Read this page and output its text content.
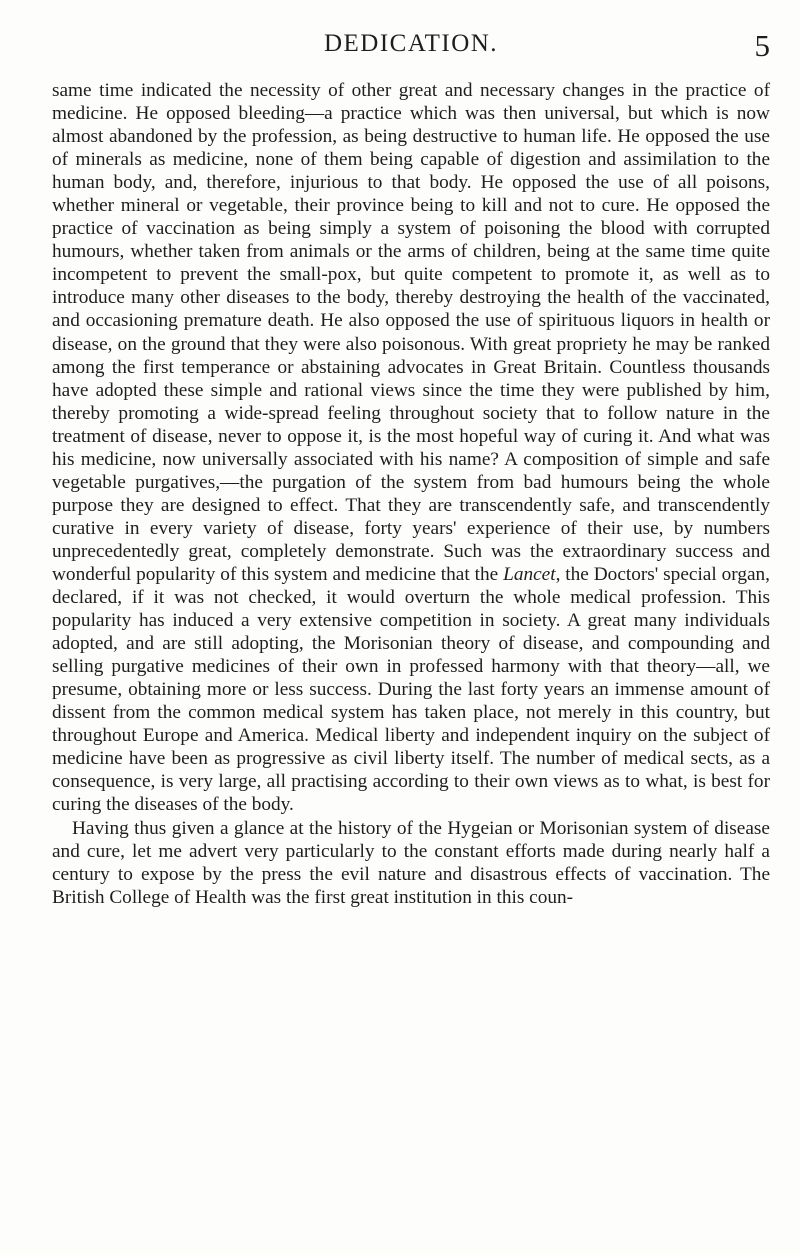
DEDICATION.	5

same time indicated the necessity of other great and necessary changes in the practice of medicine. He opposed bleeding—a practice which was then universal, but which is now almost abandoned by the profession, as being destructive to human life. He opposed the use of minerals as medicine, none of them being capable of digestion and assimilation to the human body, and, therefore, injurious to that body. He opposed the use of all poisons, whether mineral or vegetable, their province being to kill and not to cure. He opposed the practice of vaccination as being simply a system of poisoning the blood with corrupted humours, whether taken from animals or the arms of children, being at the same time quite incompetent to prevent the small-pox, but quite competent to promote it, as well as to introduce many other diseases to the body, thereby destroying the health of the vaccinated, and occasioning premature death. He also opposed the use of spirituous liquors in health or disease, on the ground that they were also poisonous. With great propriety he may be ranked among the first temperance or abstaining advocates in Great Britain. Countless thousands have adopted these simple and rational views since the time they were published by him, thereby promoting a wide-spread feeling throughout society that to follow nature in the treatment of disease, never to oppose it, is the most hopeful way of curing it. And what was his medicine, now universally associated with his name? A composition of simple and safe vegetable purgatives,—the purgation of the system from bad humours being the whole purpose they are designed to effect. That they are transcendently safe, and transcendently curative in every variety of disease, forty years' experience of their use, by numbers unprecedentedly great, completely demonstrate. Such was the extraordinary success and wonderful popularity of this system and medicine that the Lancet, the Doctors' special organ, declared, if it was not checked, it would overturn the whole medical profession. This popularity has induced a very extensive competition in society. A great many individuals adopted, and are still adopting, the Morisonian theory of disease, and compounding and selling purgative medicines of their own in professed harmony with that theory—all, we presume, obtaining more or less success. During the last forty years an immense amount of dissent from the common medical system has taken place, not merely in this country, but throughout Europe and America. Medical liberty and independent inquiry on the subject of medicine have been as progressive as civil liberty itself. The number of medical sects, as a consequence, is very large, all practising according to their own views as to what, is best for curing the diseases of the body.

Having thus given a glance at the history of the Hygeian or Morisonian system of disease and cure, let me advert very particularly to the constant efforts made during nearly half a century to expose by the press the evil nature and disastrous effects of vaccination. The British College of Health was the first great institution in this coun-
